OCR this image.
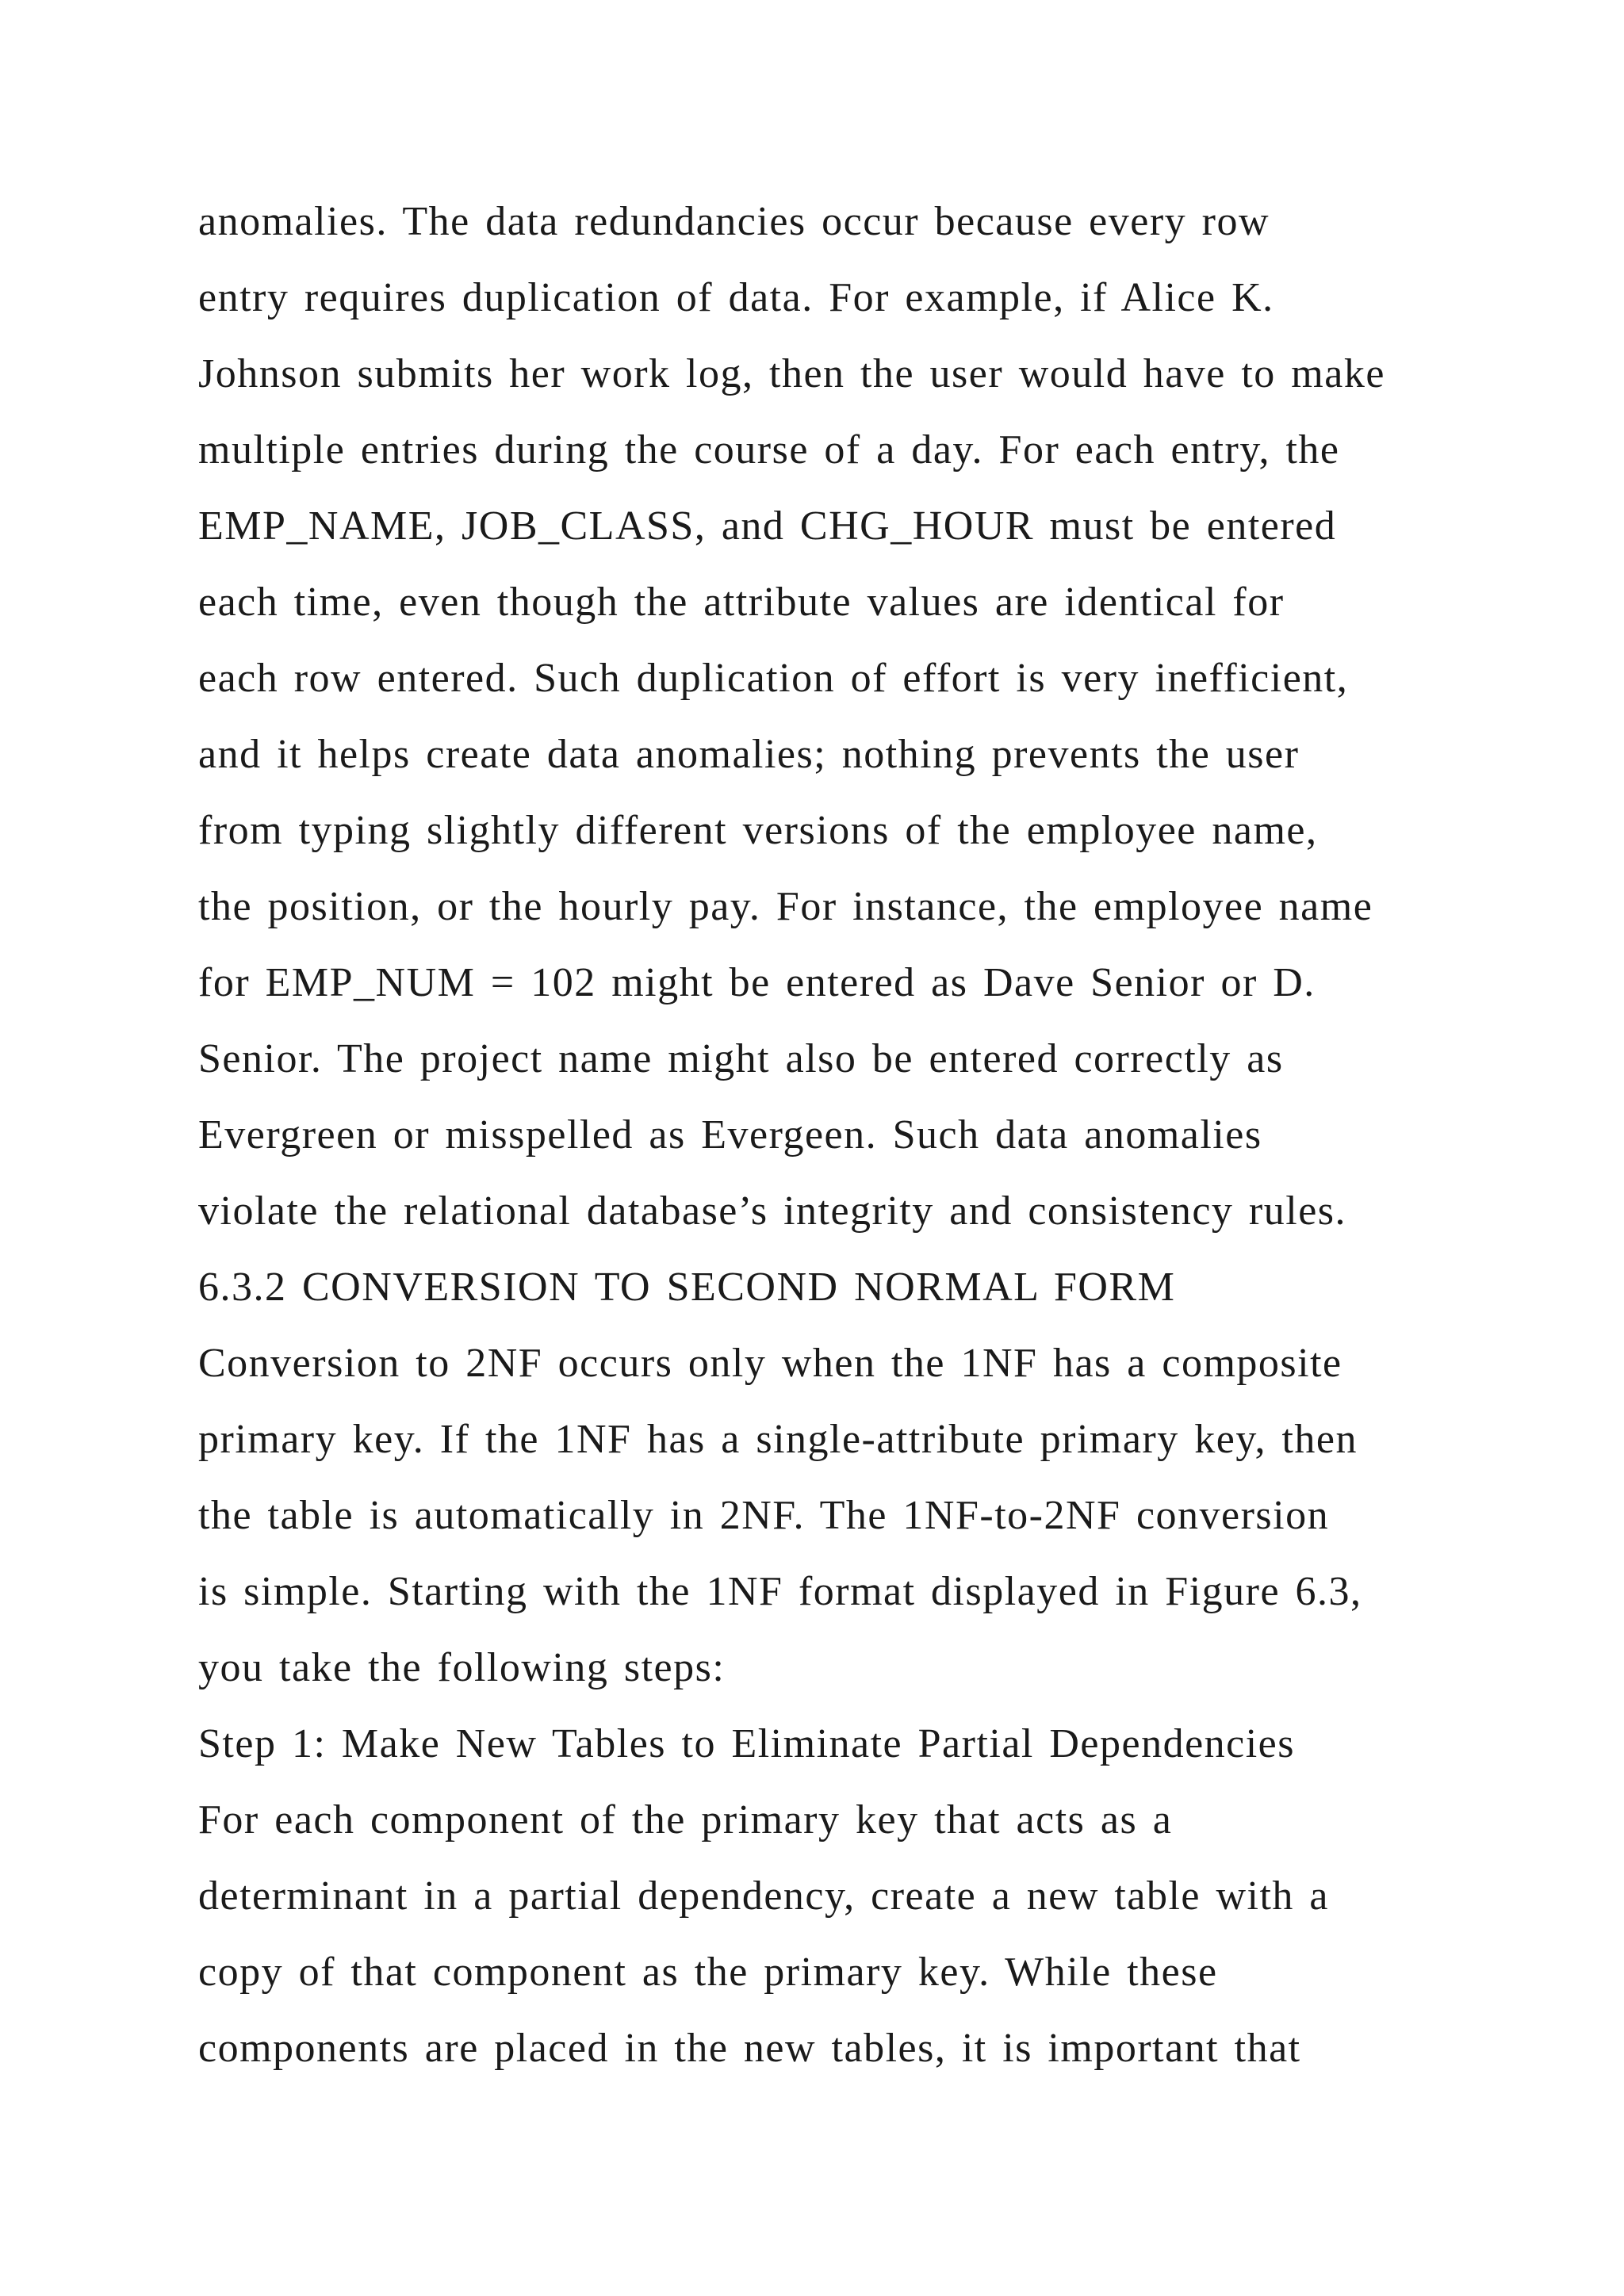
anomalies. The data redundancies occur because every row
entry requires duplication of data. For example, if Alice K.
Johnson submits her work log, then the user would have to make
multiple entries during the course of a day. For each entry, the
EMP_NAME, JOB_CLASS, and CHG_HOUR must be entered
each time, even though the attribute values are identical for
each row entered. Such duplication of effort is very inefficient,
and it helps create data anomalies; nothing prevents the user
from typing slightly different versions of the employee name,
the position, or the hourly pay. For instance, the employee name
for EMP_NUM = 102 might be entered as Dave Senior or D.
Senior. The project name might also be entered correctly as
Evergreen or misspelled as Evergeen. Such data anomalies
violate the relational database’s integrity and consistency rules.
6.3.2 CONVERSION TO SECOND NORMAL FORM
Conversion to 2NF occurs only when the 1NF has a composite
primary key. If the 1NF has a single-attribute primary key, then
the table is automatically in 2NF. The 1NF-to-2NF conversion
is simple. Starting with the 1NF format displayed in Figure 6.3,
you take the following steps:
Step 1: Make New Tables to Eliminate Partial Dependencies
For each component of the primary key that acts as a
determinant in a partial dependency, create a new table with a
copy of that component as the primary key. While these
components are placed in the new tables, it is important that
